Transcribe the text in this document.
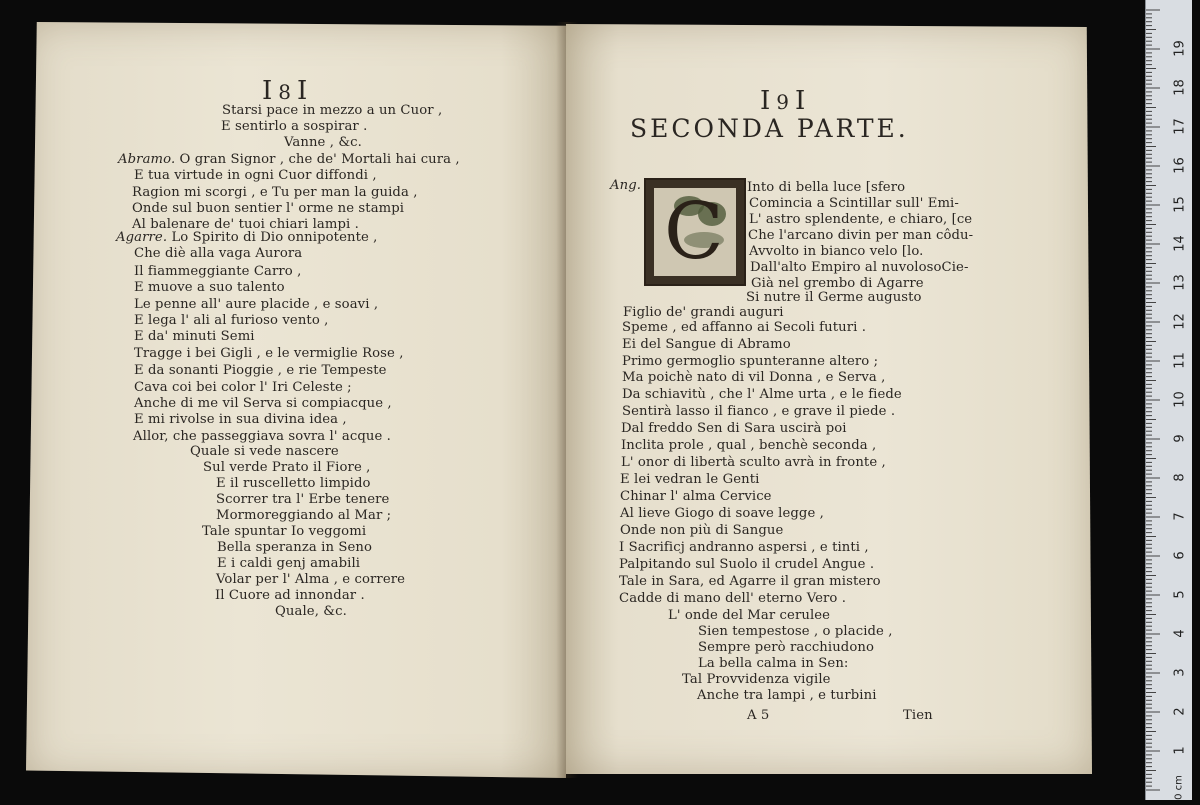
I8I
Starsi pace in mezzo a un Cuor ,
E sentirlo a sospirar .
Vanne , &c.
Abramo. O gran Signor , che de' Mortali hai cura ,
E tua virtude in ogni Cuor diffondi ,
Ragion mi scorgi , e Tu per man la guida ,
Onde sul buon sentier l' orme ne stampi
Al balenare de' tuoi chiari lampi .
Agarre. Lo Spirito di Dio onnipotente ,
Che diè alla vaga Aurora
Il fiammeggiante Carro ,
E muove a suo talento
Le penne all' aure placide , e soavi ,
E lega l' ali al furioso vento ,
E da' minuti Semi
Tragge i bei Gigli , e le vermiglie Rose ,
E da sonanti Pioggie , e rie Tempeste
Cava coi bei color l' Iri Celeste ;
Anche di me vil Serva si compiacque ,
E mi rivolse in sua divina idea ,
Allor, che passeggiava sovra l' acque .
Quale si vede nascere
Sul verde Prato il Fiore ,
E il ruscelletto limpido
Scorrer tra l' Erbe tenere
Mormoreggiando al Mar ;
Tale spuntar Io veggomi
Bella speranza in Seno
E i caldi genj amabili
Volar per l' Alma , e correre
Il Cuore ad innondar .
Quale, &c.
I9I
SECONDA PARTE.
Ang.
C Into di bella luce [sfero
Comincia a Scintillar sull' Emi-
L' astro splendente, e chiaro, [ce
Che l'arcano divin per man côdu-
Avvolto in bianco velo [lo.
Dall'alto Empiro al nuvolosoCie-
Già nel grembo di Agarre
Si nutre il Germe augusto
Figlio de' grandi auguri
Speme , ed affanno ai Secoli futuri .
Ei del Sangue di Abramo
Primo germoglio spunteranne altero ;
Ma poichè nato di vil Donna , e Serva ,
Da schiavitù , che l' Alme urta , e le fiede
Sentirà lasso il fianco , e grave il piede .
Dal freddo Sen di Sara uscirà poi
Inclita prole , qual , benchè seconda ,
L' onor di libertà sculto avrà in fronte ,
E lei vedran le Genti
Chinar l' alma Cervice
Al lieve Giogo di soave legge ,
Onde non più di Sangue
I Sacrificj andranno aspersi , e tinti ,
Palpitando sul Suolo il crudel Angue .
Tale in Sara, ed Agarre il gran mistero
Cadde di mano dell' eterno Vero .
L' onde del Mar cerulee
Sien tempestose , o placide ,
Sempre però racchiudono
La bella calma in Sen:
Tal Provvidenza vigile
Anche tra lampi , e turbini
A 5	Tien
0 cm
1
2
3
4
5
6
7
8
9
10
11
12
13
14
15
16
17
18
19
